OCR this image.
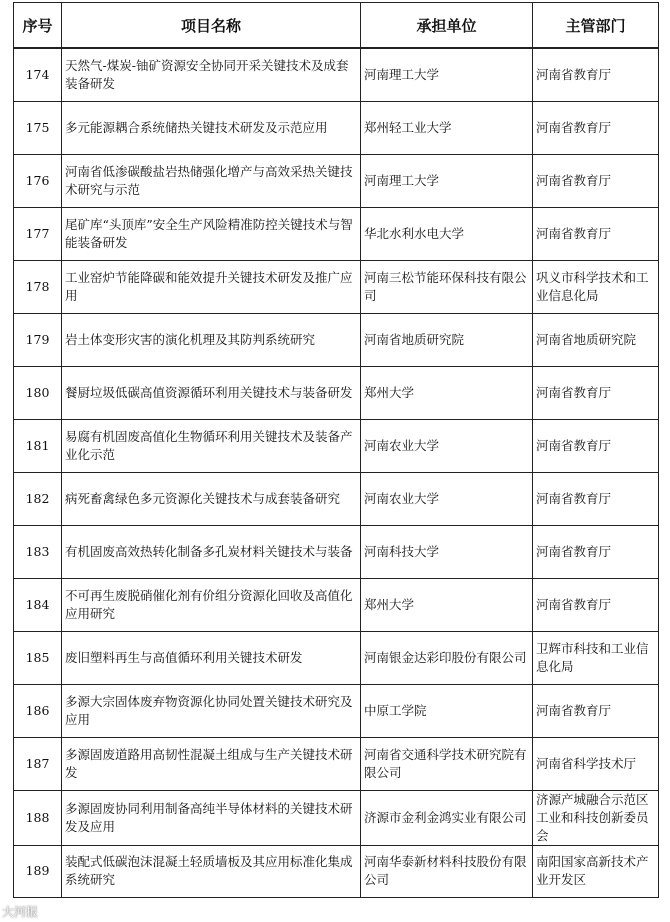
序号	项目名称	承担单位	主管部门
174	天然气-煤炭-铀矿资源安全协同开采关键技术及成套装备研发	河南理工大学	河南省教育厅
175	多元能源耦合系统储热关键技术研发及示范应用	郑州轻工业大学	河南省教育厅
176	河南省低渗碳酸盐岩热储强化增产与高效采热关键技术研究与示范	河南理工大学	河南省教育厅
177	尾矿库“头顶库”安全生产风险精准防控关键技术与智能装备研发	华北水利水电大学	河南省教育厅
178	工业窑炉节能降碳和能效提升关键技术研发及推广应用	河南三松节能环保科技有限公司	巩义市科学技术和工业信息化局
179	岩土体变形灾害的演化机理及其防判系统研究	河南省地质研究院	河南省地质研究院
180	餐厨垃圾低碳高值资源循环利用关键技术与装备研发	郑州大学	河南省教育厅
181	易腐有机固废高值化生物循环利用关键技术及装备产业化示范	河南农业大学	河南省教育厅
182	病死畜禽绿色多元资源化关键技术与成套装备研究	河南农业大学	河南省教育厅
183	有机固废高效热转化制备多孔炭材料关键技术与装备	河南科技大学	河南省教育厅
184	不可再生废脱硝催化剂有价组分资源化回收及高值化应用研究	郑州大学	河南省教育厅
185	废旧塑料再生与高值循环利用关键技术研发	河南银金达彩印股份有限公司	卫辉市科技和工业信息化局
186	多源大宗固体废弃物资源化协同处置关键技术研究及应用	中原工学院	河南省教育厅
187	多源固废道路用高韧性混凝土组成与生产关键技术研发	河南省交通科学技术研究院有限公司	河南省科学技术厅
188	多源固废协同利用制备高纯半导体材料的关键技术研发及应用	济源市金利金鸿实业有限公司	济源产城融合示范区工业和科技创新委员会
189	装配式低碳泡沫混凝土轻质墙板及其应用标准化集成系统研究	河南华泰新材料科技股份有限公司	南阳国家高新技术产业开发区
大河报
